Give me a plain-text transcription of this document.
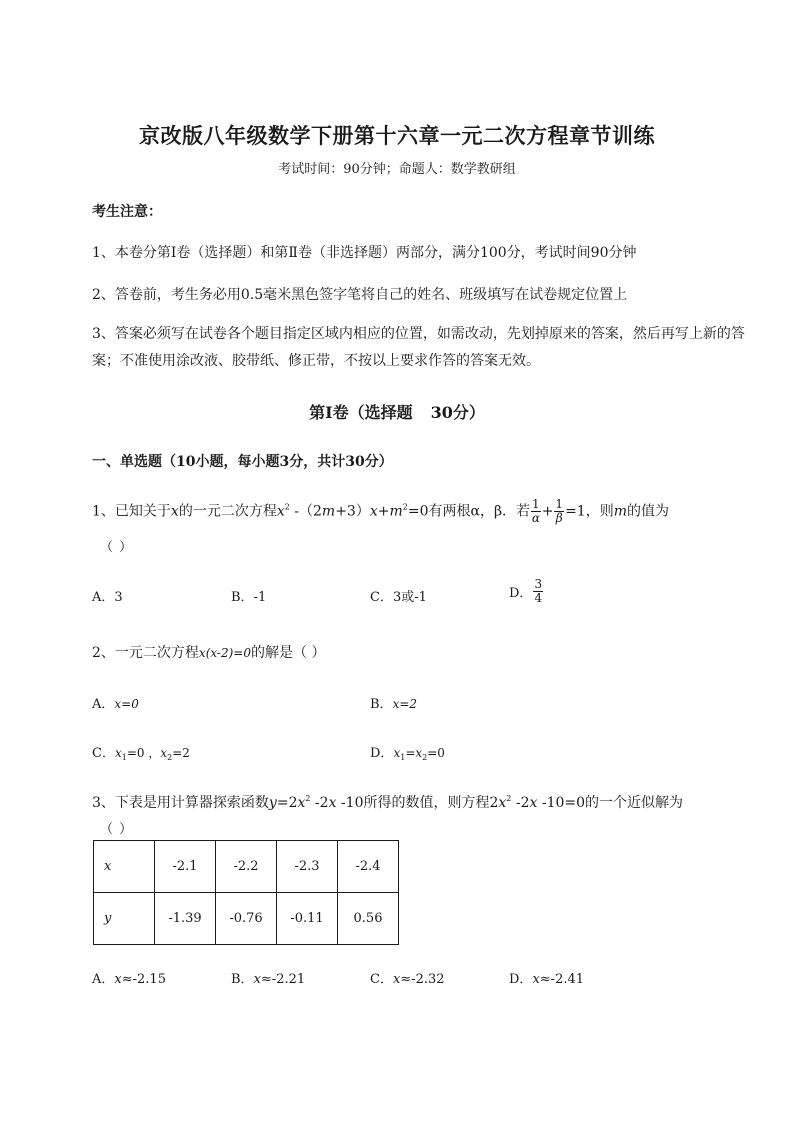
京改版八年级数学下册第十六章一元二次方程章节训练
考试时间：90分钟；命题人：数学教研组
考生注意：
1、本卷分第I卷（选择题）和第Ⅱ卷（非选择题）两部分，满分100分，考试时间90分钟
2、答卷前，考生务必用0.5毫米黑色签字笔将自己的姓名、班级填写在试卷规定位置上
3、答案必须写在试卷各个题目指定区域内相应的位置，如需改动，先划掉原来的答案，然后再写上新的答案；不准使用涂改液、胶带纸、修正带，不按以上要求作答的答案无效。
第I卷（选择题 30分）
一、单选题（10小题，每小题3分，共计30分）
1、已知关于x的一元二次方程$x^2$ $-(2m+3)x+m^2=0$有两根α，β．若 $\frac{1}{\alpha} + \frac{1}{\beta} =1$，则m的值为
（ ）
A．3	B．-1	C．3或-1	D． $\frac{3}{4}$
2、一元二次方程x(x-2)=0的解是（ ）
A．x=0	B．x=2
C．$x_1=0$ ，$x_2=2$	D．$x_1=x_2=0$
3、下表是用计算器探索函数$y=2x^2$ -2x -10所得的数值，则方程$2x^2$ -2x -10=0的一个近似解为
（ ）
x	-2.1	-2.2	-2.3	-2.4
y	-1.39	-0.76	-0.11	0.56
A．x≈-2.15	B．x≈-2.21	C．x≈-2.32	D．x≈-2.41
